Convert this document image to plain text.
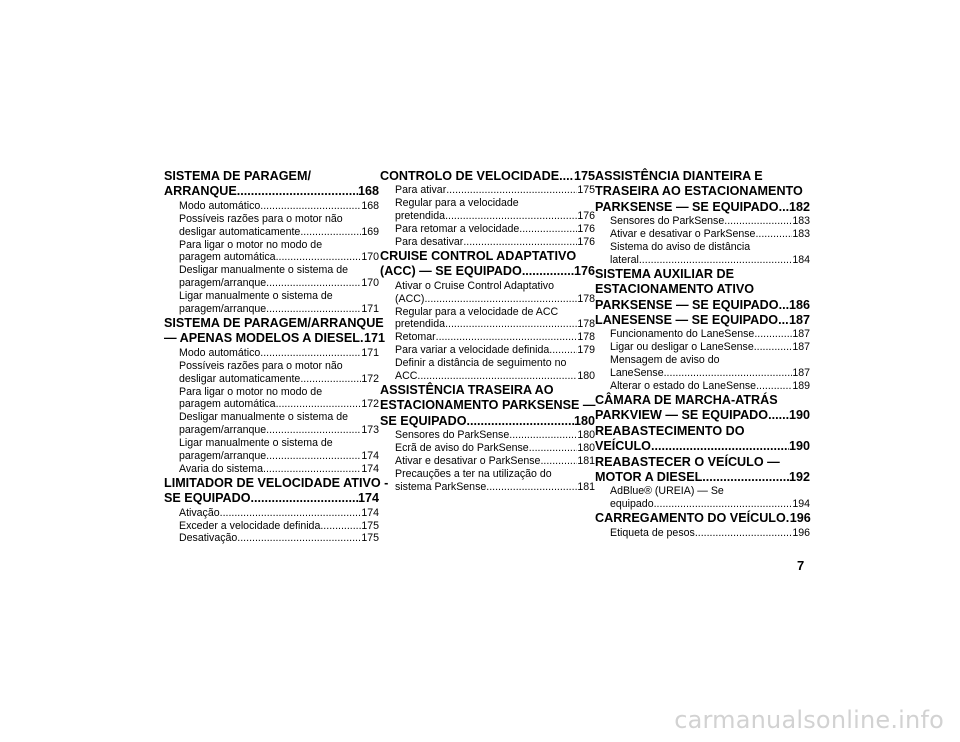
SISTEMA DE PARAGEM/
ARRANQUE .....	168
Modo automático .....	168
Possíveis razões para o motor não
desligar automaticamente .....	169
Para ligar o motor no modo de
paragem automática .....	170
Desligar manualmente o sistema de
paragem/arranque .....	170
Ligar manualmente o sistema de
paragem/arranque .....	171
SISTEMA DE PARAGEM/ARRANQUE
— APENAS MODELOS A DIESEL ..... 171
Modo automático .....	171
Possíveis razões para o motor não
desligar automaticamente .....	172
Para ligar o motor no modo de
paragem automática .....	172
Desligar manualmente o sistema de
paragem/arranque .....	173
Ligar manualmente o sistema de
paragem/arranque .....	174
Avaria do sistema .....	174
LIMITADOR DE VELOCIDADE ATIVO -
SE EQUIPADO .....	174
Ativação .....	174
Exceder a velocidade definida .....	175
Desativação .....	175
CONTROLO DE VELOCIDADE ..... 175
Para ativar .....	175
Regular para a velocidade
pretendida .....	176
Para retomar a velocidade .....	176
Para desativar .....	176
CRUISE CONTROL ADAPTATIVO
(ACC) — SE EQUIPADO .....	176
Ativar o Cruise Control Adaptativo
(ACC) .....	178
Regular para a velocidade de ACC
pretendida .....	178
Retomar .....	178
Para variar a velocidade definida .....	179
Definir a distância de seguimento no
ACC .....	180
ASSISTÊNCIA TRASEIRA AO
ESTACIONAMENTO PARKSENSE —
SE EQUIPADO .....	180
Sensores do ParkSense .....	180
Ecrã de aviso do ParkSense .....	180
Ativar e desativar o ParkSense .....	181
Precauções a ter na utilização do
sistema ParkSense .....	181
ASSISTÊNCIA DIANTEIRA E
TRASEIRA AO ESTACIONAMENTO
PARKSENSE — SE EQUIPADO ..... 182
Sensores do ParkSense .....	183
Ativar e desativar o ParkSense .....	183
Sistema do aviso de distância
lateral .....	184
SISTEMA AUXILIAR DE
ESTACIONAMENTO ATIVO
PARKSENSE — SE EQUIPADO ..... 186
LANESENSE — SE EQUIPADO ..... 187
Funcionamento do LaneSense .....	187
Ligar ou desligar o LaneSense .....	187
Mensagem de aviso do
LaneSense .....	187
Alterar o estado do LaneSense .....	189
CÂMARA DE MARCHA-ATRÁS
PARKVIEW — SE EQUIPADO ..... 190
REABASTECIMENTO DO
VEÍCULO .....	190
REABASTECER O VEÍCULO —
MOTOR A DIESEL .....	192
AdBlue® (UREIA) — Se
equipado .....	194
CARREGAMENTO DO VEÍCULO ..... 196
Etiqueta de pesos .....	196
7
carmanualsonline.info
